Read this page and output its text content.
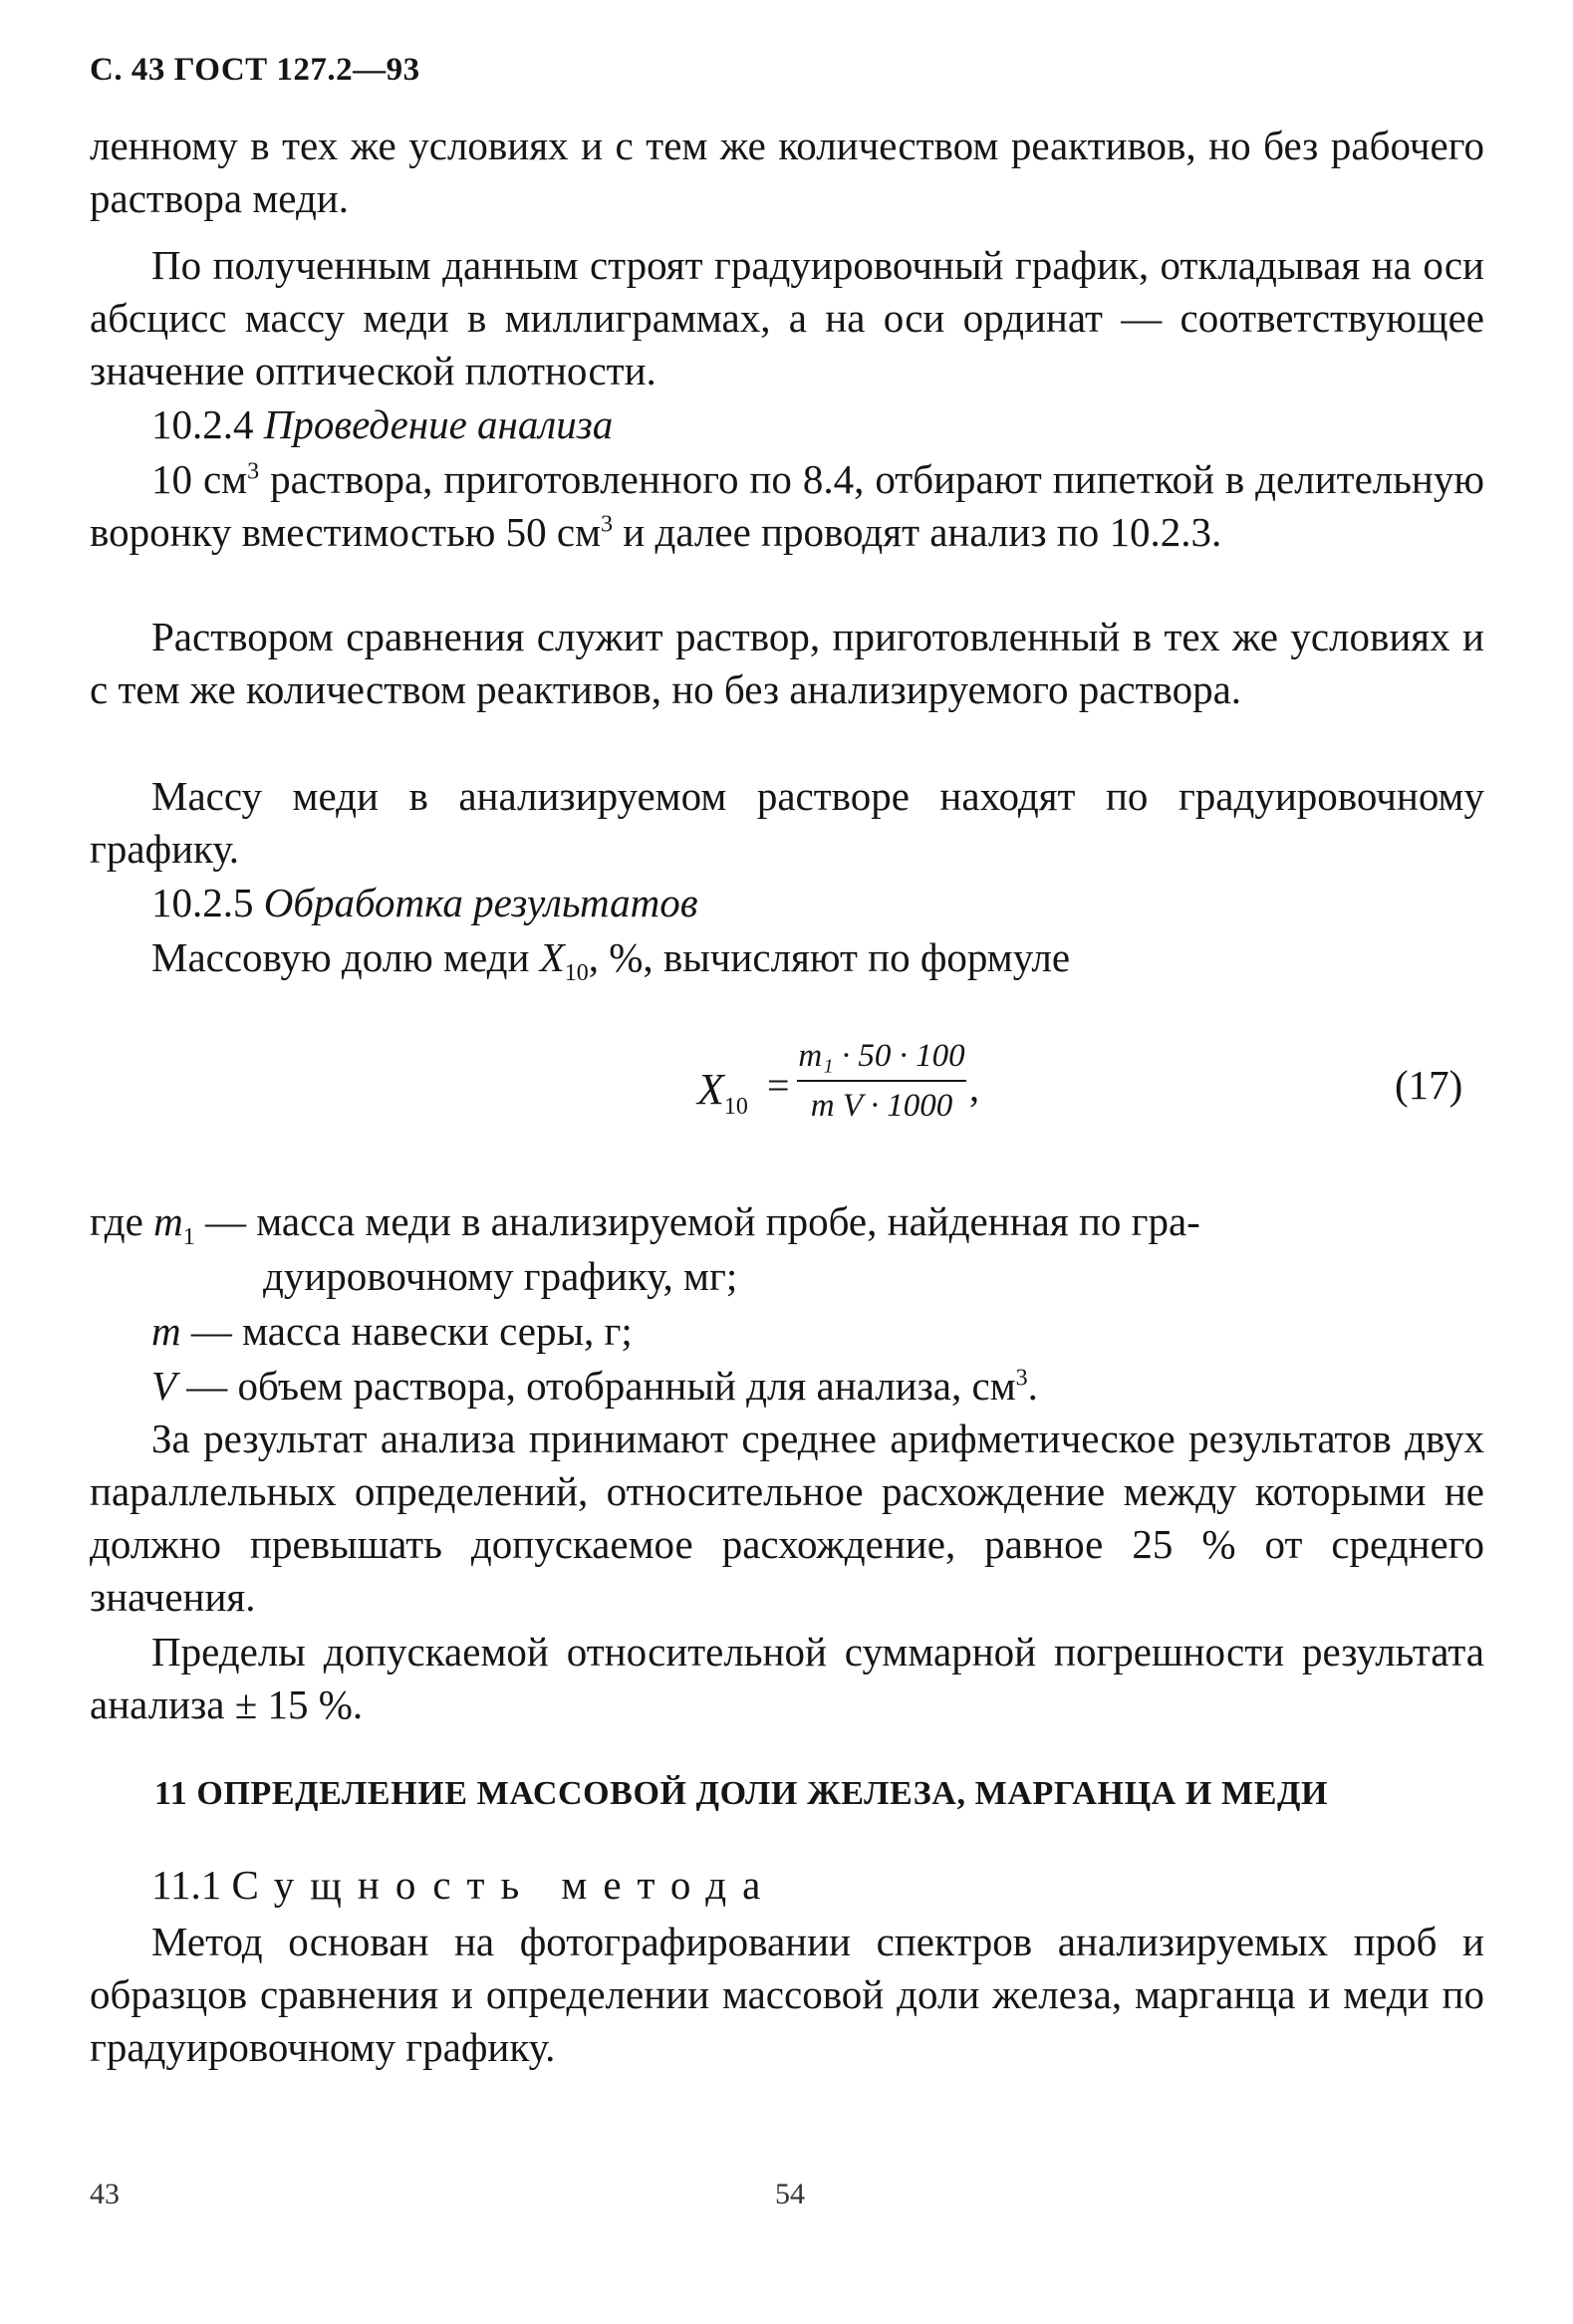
С. 43 ГОСТ 127.2—93

ленному в тех же условиях и с тем же количеством реактивов, но без рабочего раствора меди.

По полученным данным строят градуировочный график, откладывая на оси абсцисс массу меди в миллиграммах, а на оси ординат — соответствующее значение оптической плотности.

10.2.4 Проведение анализа

10 $см^3$ раствора, приготовленного по 8.4, отбирают пипеткой в делительную воронку вместимостью 50 $см^3$ и далее проводят анализ по 10.2.3.

Раствором сравнения служит раствор, приготовленный в тех же условиях и с тем же количеством реактивов, но без анализируемого раствора.

Массу меди в анализируемом растворе находят по градуировочному графику.

10.2.5 Обработка результатов
Массовую долю меди $X_{10}$, %, вычисляют по формуле
$X_{10}$ =
m₁ · 50 · 100
m V · 1000 ,	(17)
где $m_1$ — масса меди в анализируемой пробе, найденная по гра-
дуировочному графику, мг;
m — масса навески серы, г;
V — объем раствора, отобранный для анализа, $см^3$.

За результат анализа принимают среднее арифметическое результатов двух параллельных определений, относительное расхождение между которыми не должно превышать допускаемое расхождение, равное 25 % от среднего значения.

Пределы допускаемой относительной суммарной погрешности результата анализа ± 15 %.

11 ОПРЕДЕЛЕНИЕ МАССОВОЙ ДОЛИ ЖЕЛЕЗА, МАРГАНЦА И МЕДИ
11.1 Сущность метода

Метод основан на фотографировании спектров анализируемых проб и образцов сравнения и определении массовой доли железа, марганца и меди по градуировочному графику.

43	54
